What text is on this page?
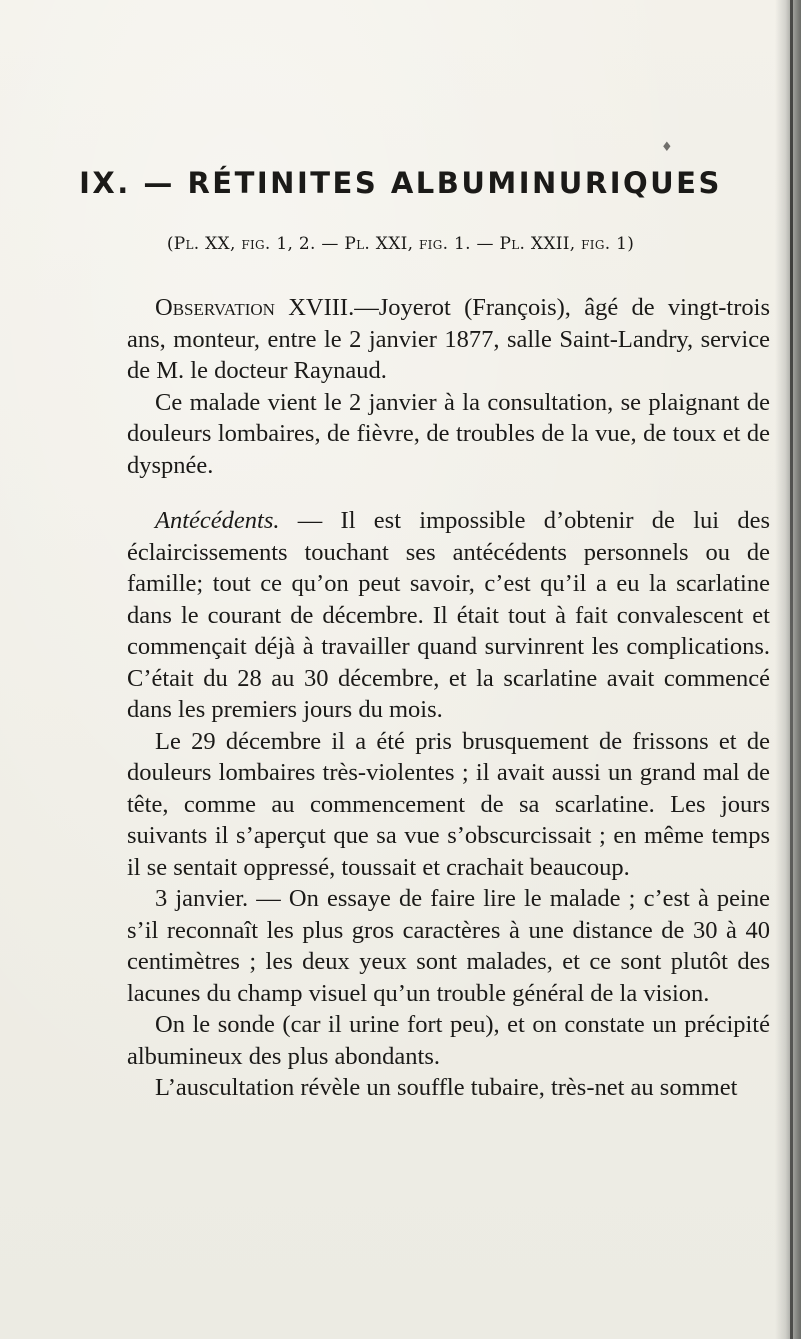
♦
IX. — RÉTINITES ALBUMINURIQUES

(Pl. XX, fig. 1, 2. — Pl. XXI, fig. 1. — Pl. XXII, fig. 1)

Observation XVIII.—Joyerot (François), âgé de vingt-trois ans, monteur, entre le 2 janvier 1877, salle Saint-Landry, service de M. le docteur Raynaud.

Ce malade vient le 2 janvier à la consultation, se plaignant de douleurs lombaires, de fièvre, de troubles de la vue, de toux et de dyspnée.

Antécédents. — Il est impossible d’obtenir de lui des éclaircissements touchant ses antécédents personnels ou de famille; tout ce qu’on peut savoir, c’est qu’il a eu la scarlatine dans le courant de décembre. Il était tout à fait convalescent et commençait déjà à travailler quand survinrent les complications. C’était du 28 au 30 décembre, et la scarlatine avait commencé dans les premiers jours du mois.

Le 29 décembre il a été pris brusquement de frissons et de douleurs lombaires très-violentes ; il avait aussi un grand mal de tête, comme au commencement de sa scarlatine. Les jours suivants il s’aperçut que sa vue s’obscurcissait ; en même temps il se sentait oppressé, toussait et crachait beaucoup.

3 janvier. — On essaye de faire lire le malade ; c’est à peine s’il reconnaît les plus gros caractères à une distance de 30 à 40 centimètres ; les deux yeux sont malades, et ce sont plutôt des lacunes du champ visuel qu’un trouble général de la vision.

On le sonde (car il urine fort peu), et on constate un précipité albumineux des plus abondants.

L’auscultation révèle un souffle tubaire, très-net au sommet
